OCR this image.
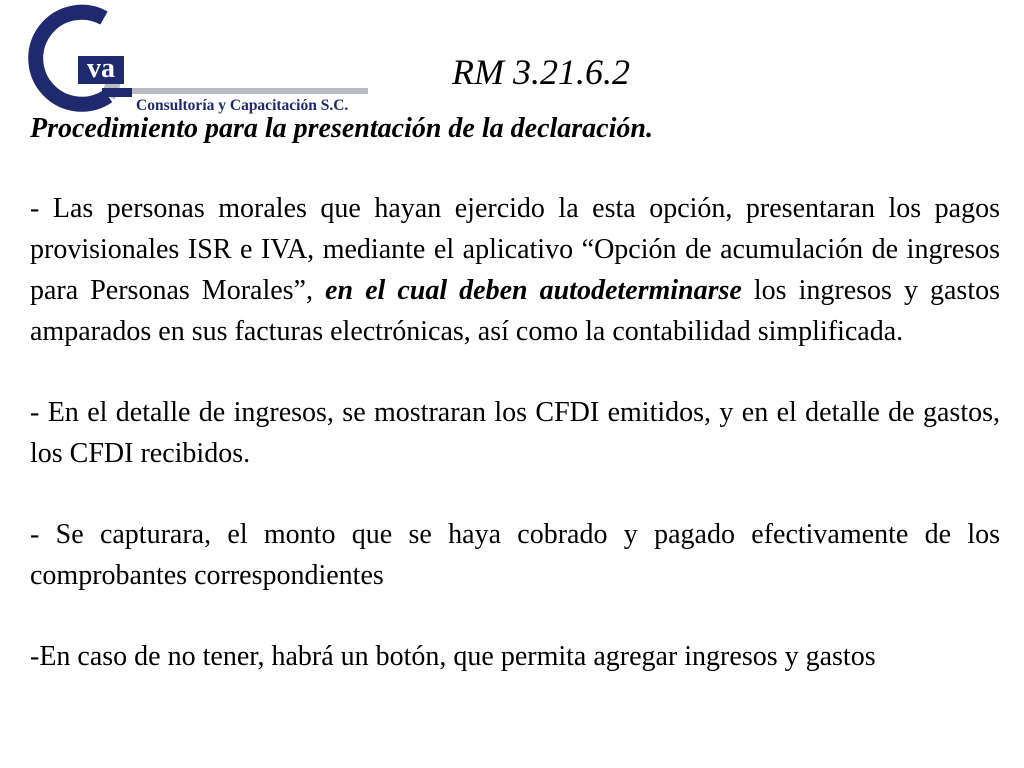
va
Consultoría y Capacitación S.C.
RM 3.21.6.2
Procedimiento para la presentación de la declaración.

- Las personas morales que hayan ejercido la esta opción, presentaran los pagos provisionales ISR e IVA, mediante el aplicativo “Opción de acumulación de ingresos para Personas Morales”, en el cual deben autodeterminarse los ingresos y gastos amparados en sus facturas electrónicas, así como la contabilidad simplificada.

- En el detalle de ingresos, se mostraran los CFDI emitidos, y en el detalle de gastos, los CFDI recibidos.

- Se capturara, el monto que se haya cobrado y pagado efectivamente de los comprobantes correspondientes

-En caso de no tener, habrá un botón, que permita agregar ingresos y gastos
